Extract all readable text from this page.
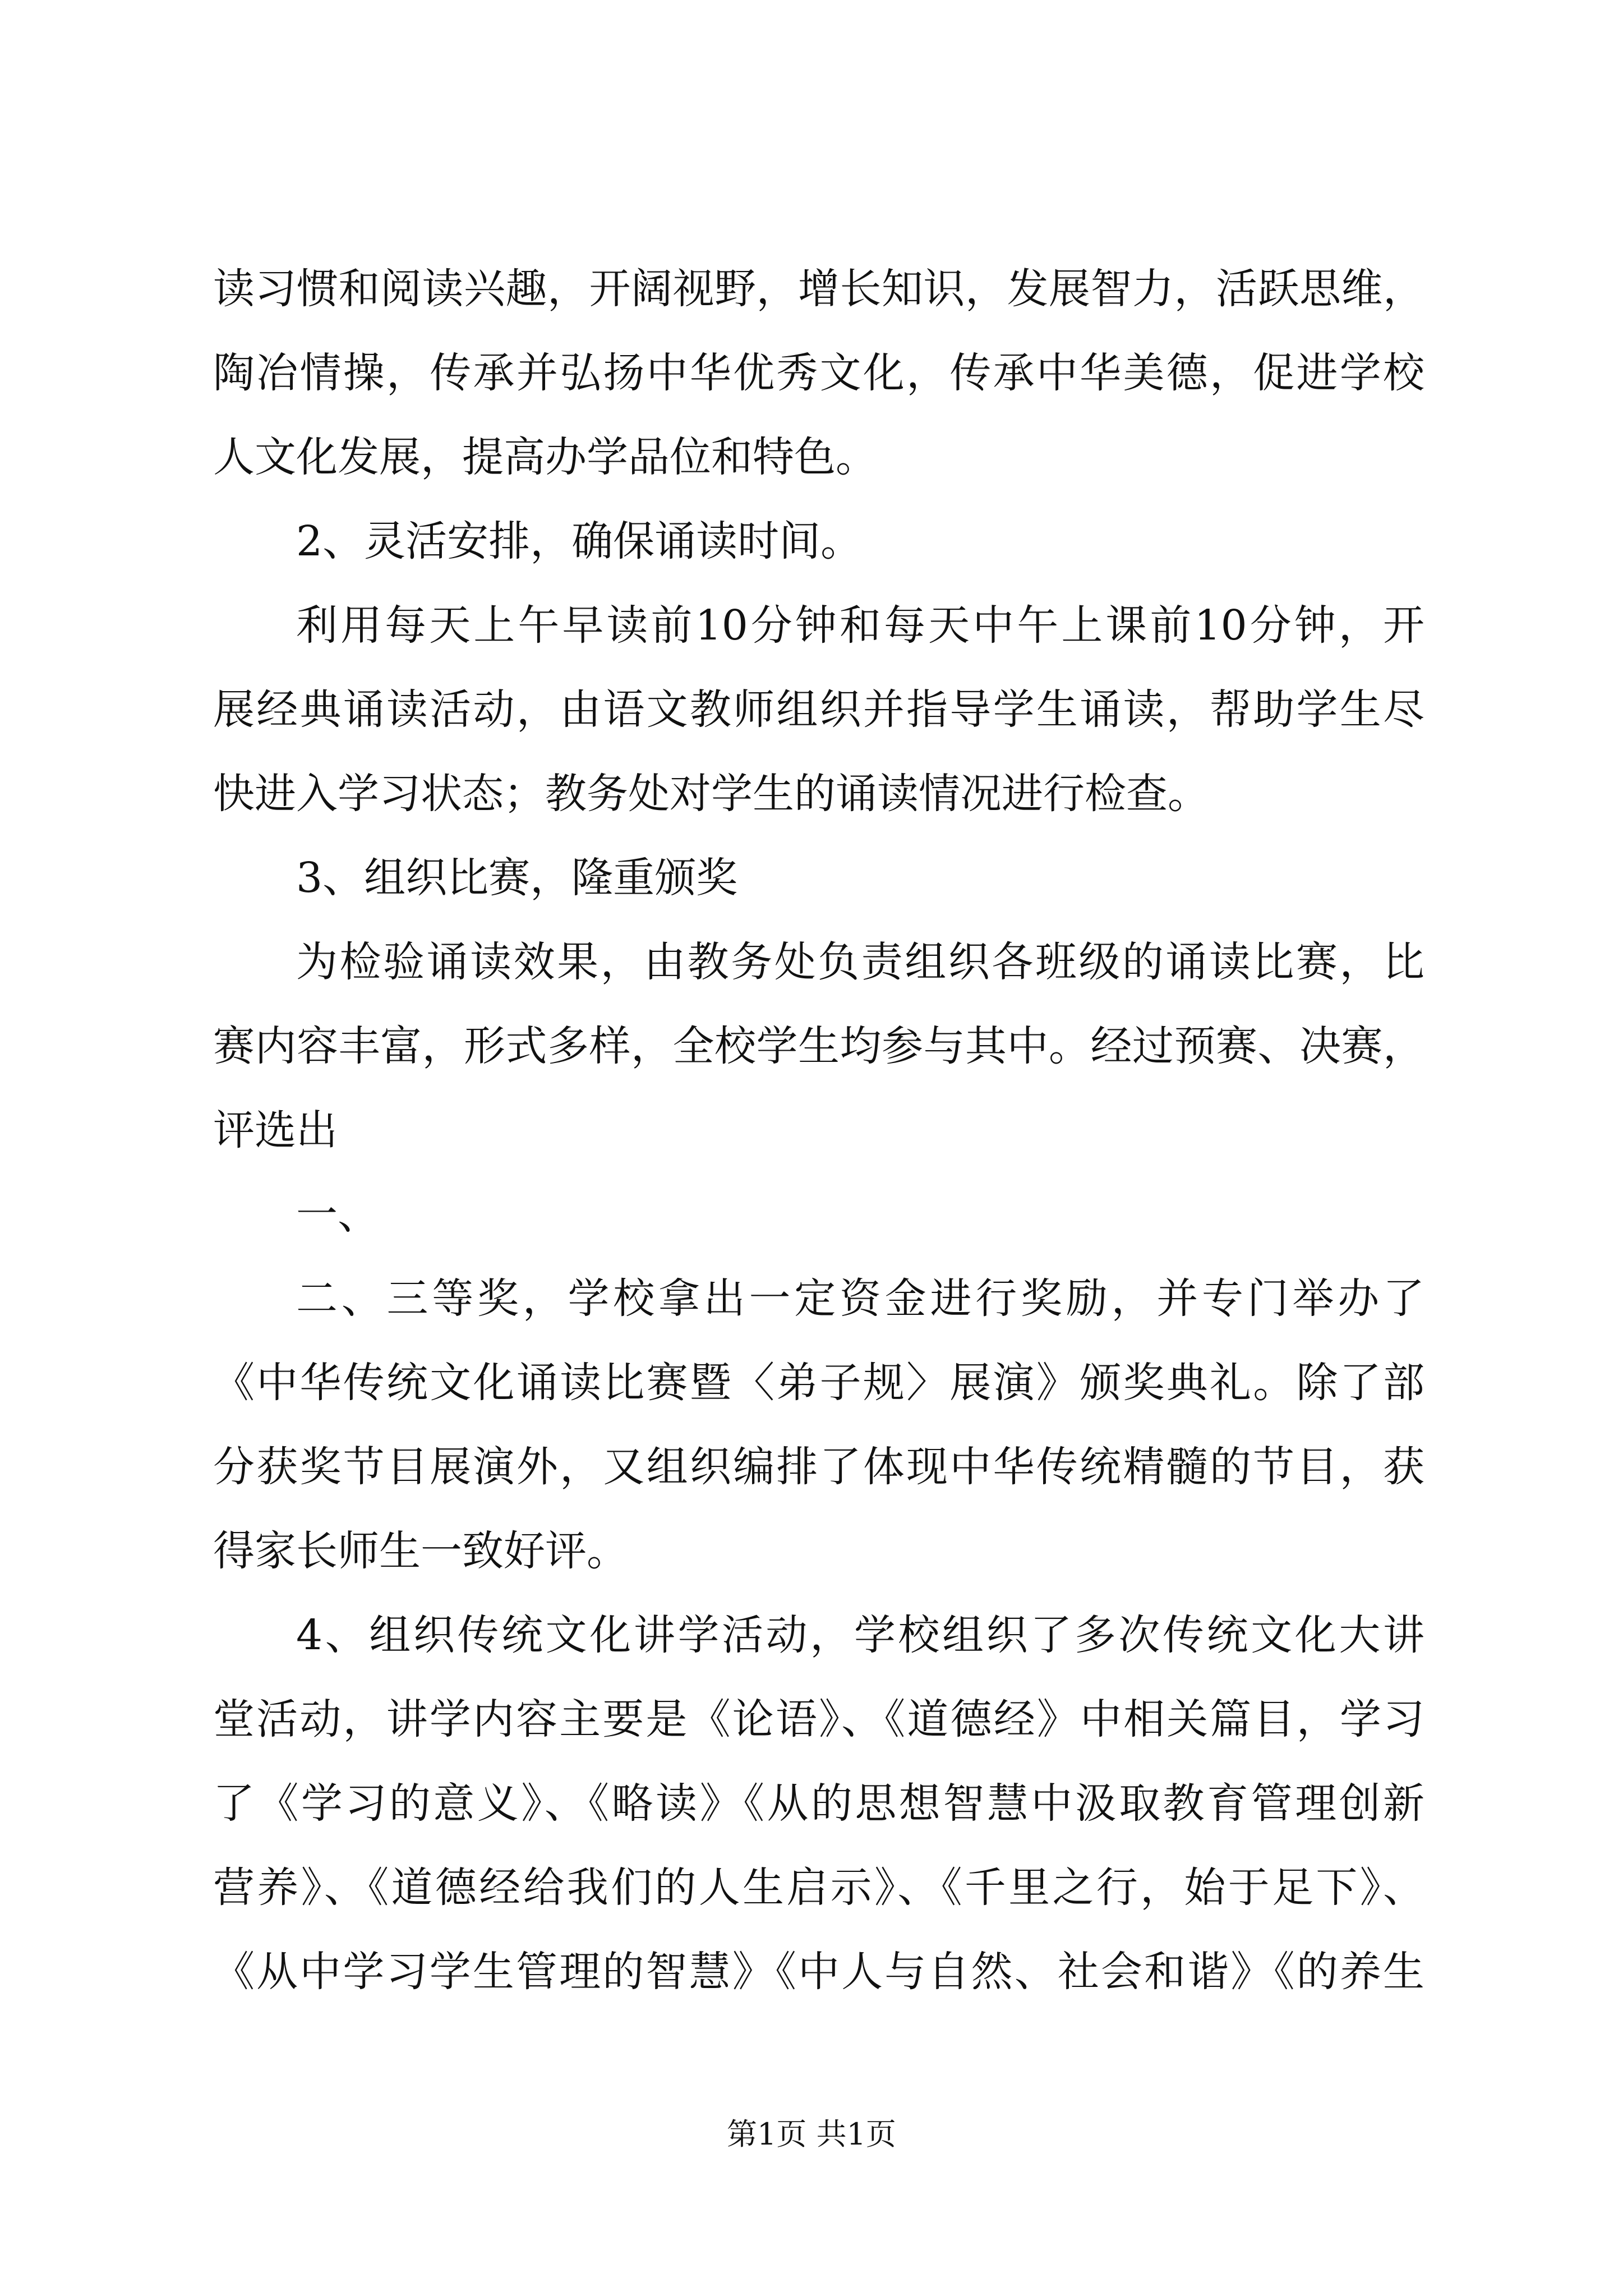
读习惯和阅读兴趣，开阔视野，增长知识，发展智力，活跃思维，
陶冶情操，传承并弘扬中华优秀文化，传承中华美德，促进学校
人文化发展，提高办学品位和特色。
2、灵活安排，确保诵读时间。
利用每天上午早读前10分钟和每天中午上课前10分钟，开
展经典诵读活动，由语文教师组织并指导学生诵读，帮助学生尽
快进入学习状态；教务处对学生的诵读情况进行检查。
3、组织比赛，隆重颁奖
为检验诵读效果，由教务处负责组织各班级的诵读比赛，比
赛内容丰富，形式多样，全校学生均参与其中。经过预赛、决赛，
评选出
一、
二、三等奖，学校拿出一定资金进行奖励，并专门举办了
《中华传统文化诵读比赛暨〈弟子规〉展演》颁奖典礼。除了部
分获奖节目展演外，又组织编排了体现中华传统精髓的节目，获
得家长师生一致好评。
4、组织传统文化讲学活动，学校组织了多次传统文化大讲
堂活动，讲学内容主要是《论语》、《道德经》中相关篇目，学习
了《学习的意义》、《略读》《从的思想智慧中汲取教育管理创新
营养》、《道德经给我们的人生启示》、《千里之行，始于足下》、
《从中学习学生管理的智慧》《中人与自然、社会和谐》《的养生
第1页 共1页
